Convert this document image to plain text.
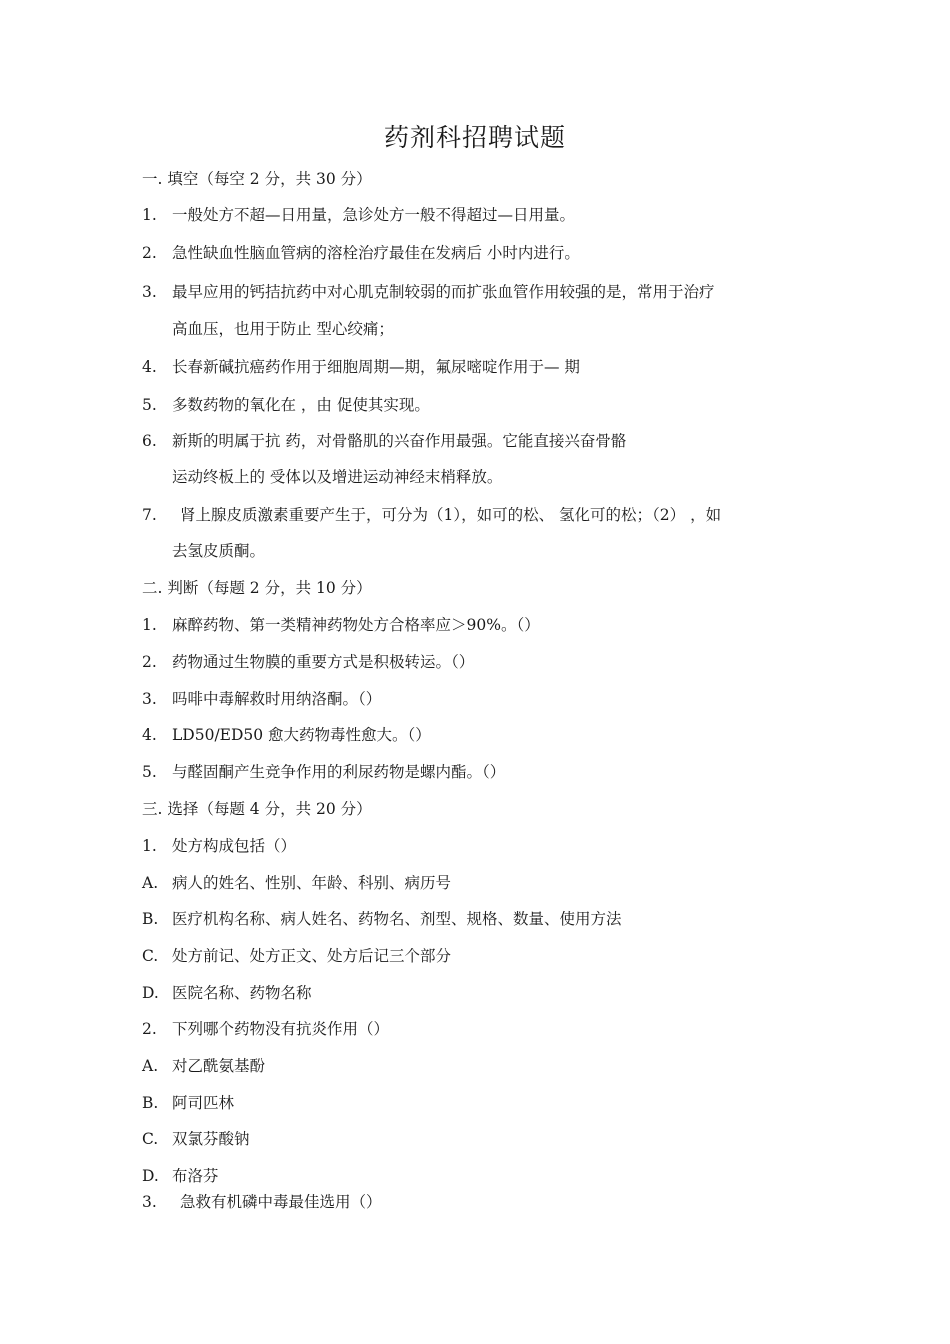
药剂科招聘试题
一. 填空（每空 2 分，共 30 分）
1. 一般处方不超—日用量，急诊处方一般不得超过—日用量。
2. 急性缺血性脑血管病的溶栓治疗最佳在发病后 小时内进行。
3. 最早应用的钙拮抗药中对心肌克制较弱的而扩张血管作用较强的是，常用于治疗
高血压，也用于防止 型心绞痛；
4. 长春新碱抗癌药作用于细胞周期—期，氟尿嘧啶作用于— 期
5. 多数药物的氧化在 ，由 促使其实现。
6. 新斯的明属于抗 药，对骨骼肌的兴奋作用最强。它能直接兴奋骨骼
运动终板上的 受体以及增进运动神经末梢释放。
7. 肾上腺皮质激素重要产生于，可分为（1），如可的松、 氢化可的松；（2） ，如
去氢皮质酮。
二. 判断（每题 2 分，共 10 分）
1. 麻醉药物、第一类精神药物处方合格率应＞90%。（）
2. 药物通过生物膜的重要方式是积极转运。（）
3. 吗啡中毒解救时用纳洛酮。（）
4. LD50/ED50 愈大药物毒性愈大。（）
5. 与醛固酮产生竞争作用的利尿药物是螺内酯。（）
三. 选择（每题 4 分，共 20 分）
1. 处方构成包括（）
A. 病人的姓名、性别、年龄、科别、病历号
B. 医疗机构名称、病人姓名、药物名、剂型、规格、数量、使用方法
C. 处方前记、处方正文、处方后记三个部分
D. 医院名称、药物名称
2. 下列哪个药物没有抗炎作用（）
A. 对乙酰氨基酚
B. 阿司匹林
C. 双氯芬酸钠
D. 布洛芬
3. 急救有机磷中毒最佳选用（）
